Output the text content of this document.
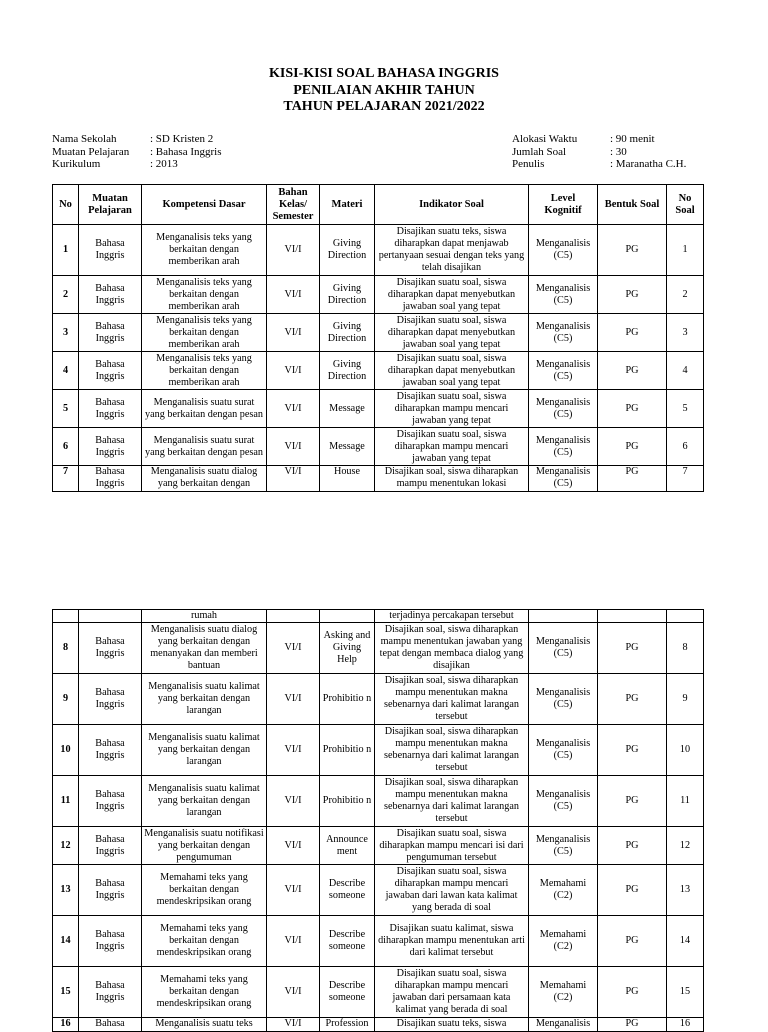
KISI-KISI SOAL BAHASA INGGRIS
PENILAIAN AKHIR TAHUN
TAHUN PELAJARAN 2021/2022
Nama Sekolah	: SD Kristen 2
Muatan Pelajaran	: Bahasa Inggris
Kurikulum	: 2013
Alokasi Waktu	: 90 menit
Jumlah Soal	: 30
Penulis	: Maranatha C.H.
No	Muatan Pelajaran	Kompetensi Dasar	Bahan Kelas/ Semester	Materi	Indikator Soal	Level Kognitif	Bentuk Soal	No Soal
1	Bahasa Inggris	Menganalisis teks yang berkaitan dengan memberikan arah	VI/I	Giving Direction	Disajikan suatu teks, siswa diharapkan dapat menjawab pertanyaan sesuai dengan teks yang telah disajikan	Menganalisis (C5)	PG	1
2	Bahasa Inggris	Menganalisis teks yang berkaitan dengan memberikan arah	VI/I	Giving Direction	Disajikan suatu soal, siswa diharapkan dapat menyebutkan jawaban soal yang tepat	Menganalisis (C5)	PG	2
3	Bahasa Inggris	Menganalisis teks yang berkaitan dengan memberikan arah	VI/I	Giving Direction	Disajikan suatu soal, siswa diharapkan dapat menyebutkan jawaban soal yang tepat	Menganalisis (C5)	PG	3
4	Bahasa Inggris	Menganalisis teks yang berkaitan dengan memberikan arah	VI/I	Giving Direction	Disajikan suatu soal, siswa diharapkan dapat menyebutkan jawaban soal yang tepat	Menganalisis (C5)	PG	4
5	Bahasa Inggris	Menganalisis suatu surat yang berkaitan dengan pesan	VI/I	Message	Disajikan suatu soal, siswa diharapkan mampu mencari jawaban yang tepat	Menganalisis (C5)	PG	5
6	Bahasa Inggris	Menganalisis suatu surat yang berkaitan dengan pesan	VI/I	Message	Disajikan suatu soal, siswa diharapkan mampu mencari jawaban yang tepat	Menganalisis (C5)	PG	6
7	Bahasa Inggris	Menganalisis suatu dialog yang berkaitan dengan	VI/I	House	Disajikan soal, siswa diharapkan mampu menentukan lokasi	Menganalisis (C5)	PG	7
		rumah			terjadinya percakapan tersebut			
8	Bahasa Inggris	Menganalisis suatu dialog yang berkaitan dengan menanyakan dan memberi bantuan	VI/I	Asking and Giving Help	Disajikan soal, siswa diharapkan mampu menentukan jawaban yang tepat dengan membaca dialog yang disajikan	Menganalisis (C5)	PG	8
9	Bahasa Inggris	Menganalisis suatu kalimat yang berkaitan dengan larangan	VI/I	Prohibitio n	Disajikan soal, siswa diharapkan mampu menentukan makna sebenarnya dari kalimat larangan tersebut	Menganalisis (C5)	PG	9
10	Bahasa Inggris	Menganalisis suatu kalimat yang berkaitan dengan larangan	VI/I	Prohibitio n	Disajikan soal, siswa diharapkan mampu menentukan makna sebenarnya dari kalimat larangan tersebut	Menganalisis (C5)	PG	10
11	Bahasa Inggris	Menganalisis suatu kalimat yang berkaitan dengan larangan	VI/I	Prohibitio n	Disajikan soal, siswa diharapkan mampu menentukan makna sebenarnya dari kalimat larangan tersebut	Menganalisis (C5)	PG	11
12	Bahasa Inggris	Menganalisis suatu notifikasi yang berkaitan dengan pengumuman	VI/I	Announce ment	Disajikan suatu soal, siswa diharapkan mampu mencari isi dari pengumuman tersebut	Menganalisis (C5)	PG	12
13	Bahasa Inggris	Memahami teks yang berkaitan dengan mendeskripsikan orang	VI/I	Describe someone	Disajikan suatu soal, siswa diharapkan mampu mencari jawaban dari lawan kata kalimat yang berada di soal	Memahami (C2)	PG	13
14	Bahasa Inggris	Memahami teks yang berkaitan dengan mendeskripsikan orang	VI/I	Describe someone	Disajikan suatu kalimat, siswa diharapkan mampu menentukan arti dari kalimat tersebut	Memahami (C2)	PG	14
15	Bahasa Inggris	Memahami teks yang berkaitan dengan mendeskripsikan orang	VI/I	Describe someone	Disajikan suatu soal, siswa diharapkan mampu mencari jawaban dari persamaan kata kalimat yang berada di soal	Memahami (C2)	PG	15
16	Bahasa	Menganalisis suatu teks	VI/I	Profession	Disajikan suatu teks, siswa	Menganalisis	PG	16
